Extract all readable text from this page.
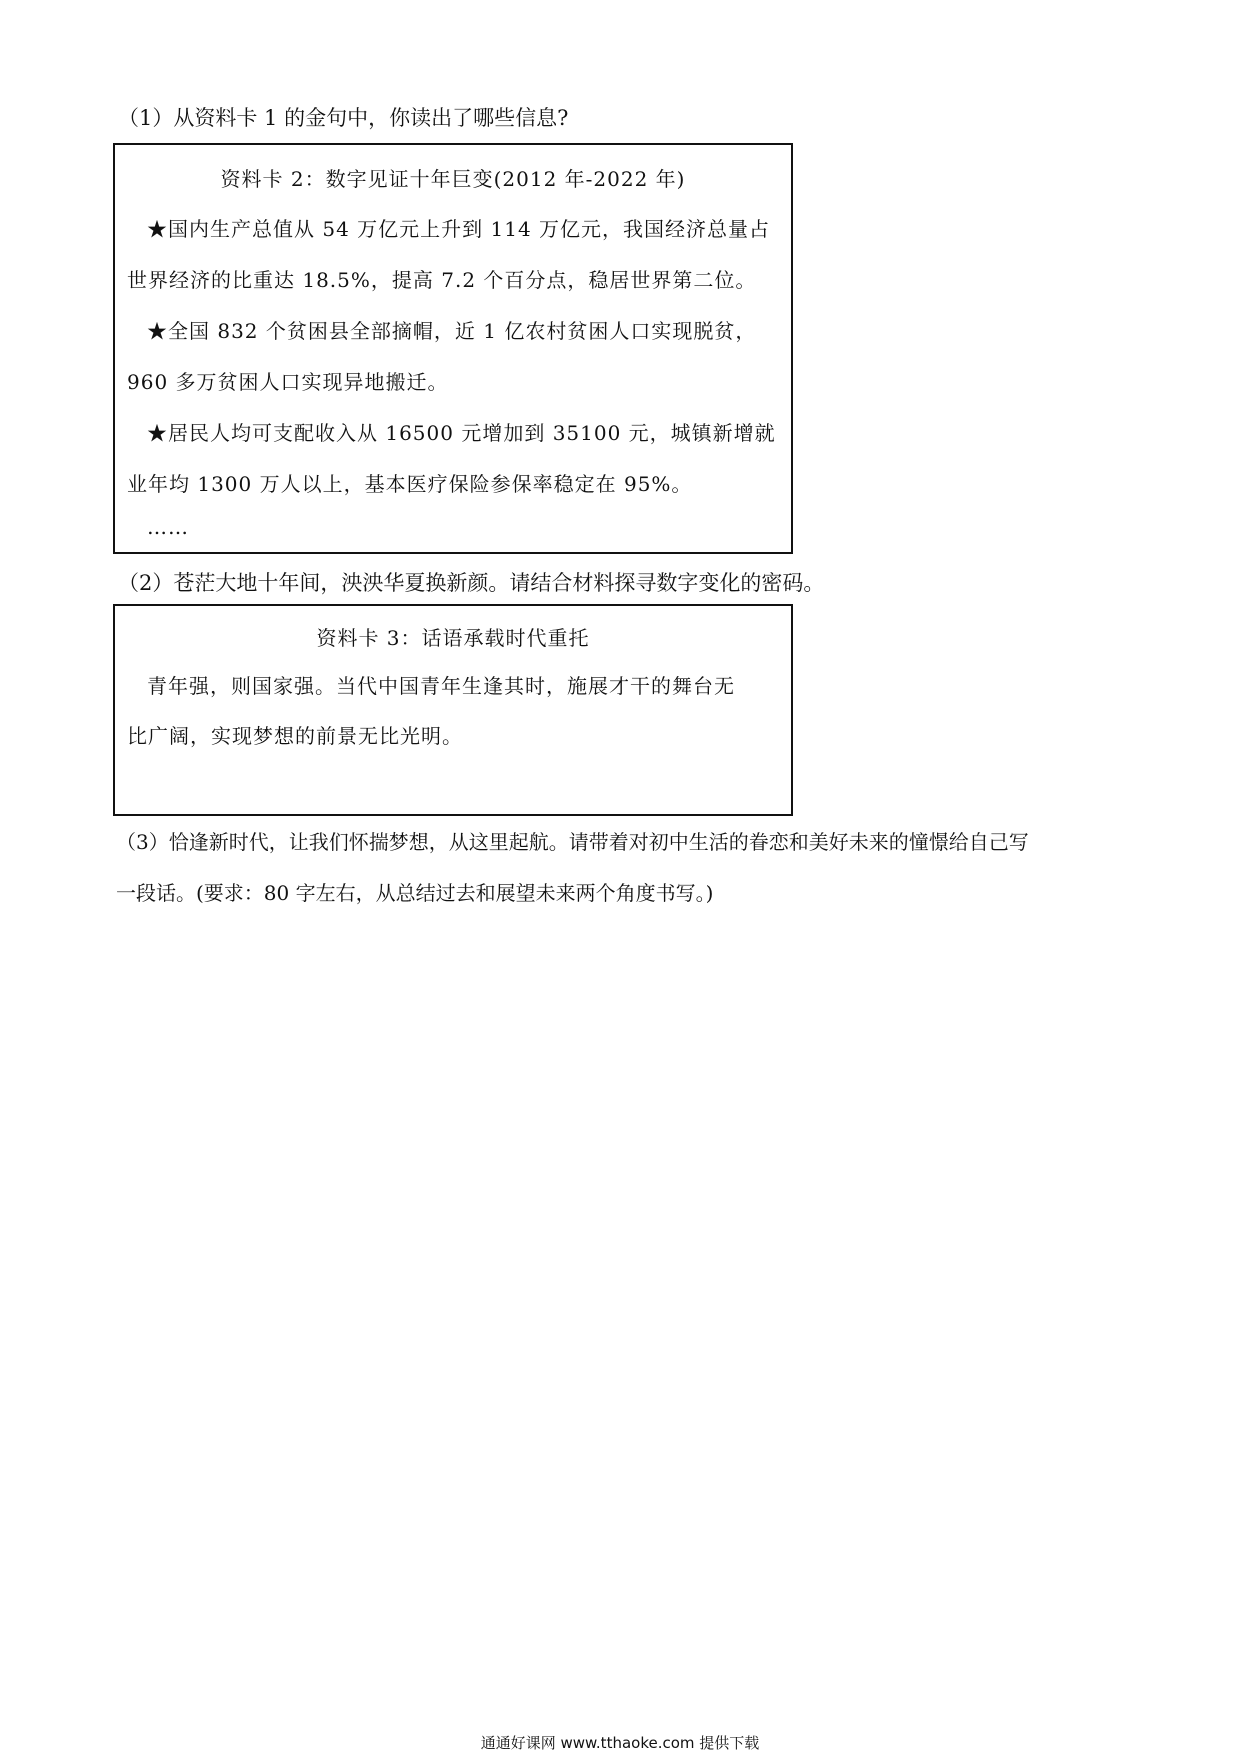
（1）从资料卡 1 的金句中，你读出了哪些信息?
资料卡 2：数字见证十年巨变(2012 年-2022 年)
★国内生产总值从 54 万亿元上升到 114 万亿元，我国经济总量占
世界经济的比重达 18.5%，提高 7.2 个百分点，稳居世界第二位。
★全国 832 个贫困县全部摘帽，近 1 亿农村贫困人口实现脱贫，
960 多万贫困人口实现异地搬迁。
★居民人均可支配收入从 16500 元增加到 35100 元，城镇新增就
业年均 1300 万人以上，基本医疗保险参保率稳定在 95%。
……
（2）苍茫大地十年间，泱泱华夏换新颜。请结合材料探寻数字变化的密码。
资料卡 3：话语承载时代重托
青年强，则国家强。当代中国青年生逢其时，施展才干的舞台无
比广阔，实现梦想的前景无比光明。
（3）恰逢新时代，让我们怀揣梦想，从这里起航。请带着对初中生活的眷恋和美好未来的憧憬给自己写
一段话。(要求：80 字左右，从总结过去和展望未来两个角度书写。)
通通好课网 www.tthaoke.com 提供下载
